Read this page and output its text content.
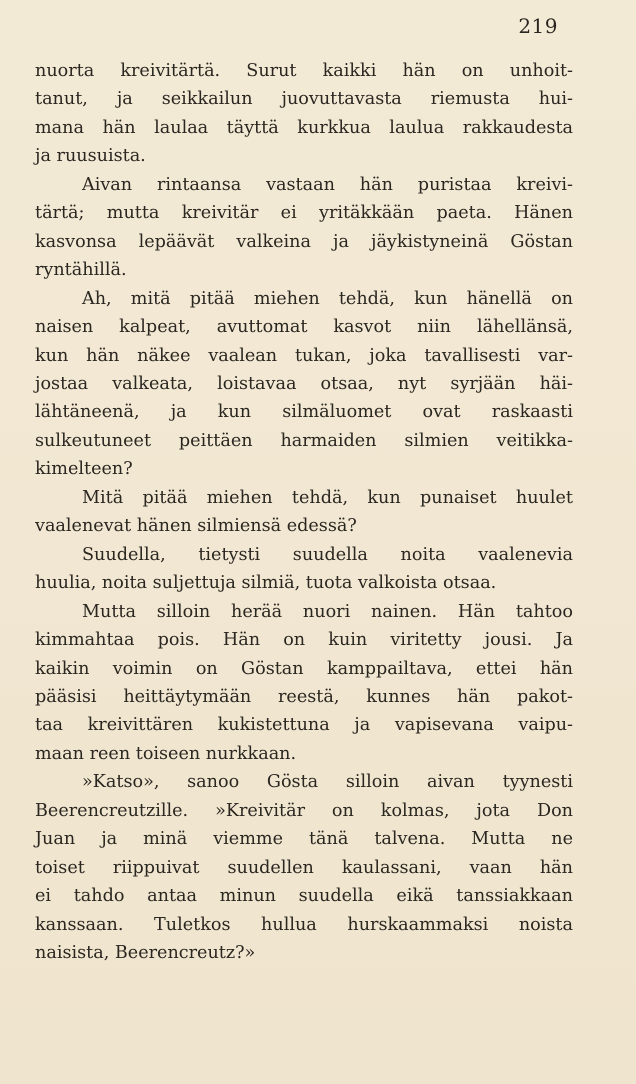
219

nuorta kreivitärtä. Surut kaikki hän on unhoit-
tanut, ja seikkailun juovuttavasta riemusta hui-
mana hän laulaa täyttä kurkkua laulua rakkaudesta
ja ruusuista.

Aivan rintaansa vastaan hän puristaa kreivi-
tärtä; mutta kreivitär ei yritäkkään paeta. Hänen
kasvonsa lepäävät valkeina ja jäykistyneinä Göstan
ryntähillä.

Ah, mitä pitää miehen tehdä, kun hänellä on
naisen kalpeat, avuttomat kasvot niin lähellänsä,
kun hän näkee vaalean tukan, joka tavallisesti var-
jostaa valkeata, loistavaa otsaa, nyt syrjään häi-
lähtäneenä, ja kun silmäluomet ovat raskaasti
sulkeutuneet peittäen harmaiden silmien veitikka-
kimelteen?

Mitä pitää miehen tehdä, kun punaiset huulet
vaalenevat hänen silmiensä edessä?

Suudella, tietysti suudella noita vaalenevia
huulia, noita suljettuja silmiä, tuota valkoista otsaa.

Mutta silloin herää nuori nainen. Hän tahtoo
kimmahtaa pois. Hän on kuin viritetty jousi. Ja
kaikin voimin on Göstan kamppailtava, ettei hän
pääsisi heittäytymään reestä, kunnes hän pakot-
taa kreivittären kukistettuna ja vapisevana vaipu-
maan reen toiseen nurkkaan.

»Katso», sanoo Gösta silloin aivan tyynesti
Beerencreutzille. »Kreivitär on kolmas, jota Don
Juan ja minä viemme tänä talvena. Mutta ne
toiset riippuivat suudellen kaulassani, vaan hän
ei tahdo antaa minun suudella eikä tanssiakkaan
kanssaan. Tuletkos hullua hurskaammaksi noista
naisista, Beerencreutz?»
